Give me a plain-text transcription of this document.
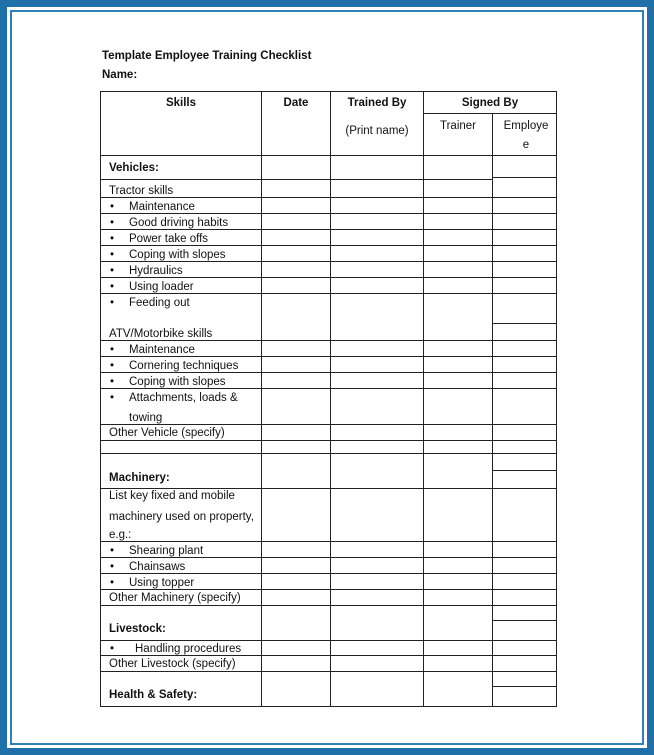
Template Employee Training Checklist
Name:
Skills	Date	Trained By
(Print name)
Signed By
Trainer Employe
e
Vehicles:
Tractor skills
• Maintenance
• Good driving habits
• Power take offs
• Coping with slopes
• Hydraulics
• Using loader
• Feeding out
ATV/Motorbike skills
• Maintenance
• Cornering techniques
• Coping with slopes
• Attachments, loads &
towing
Other Vehicle (specify)
Machinery:
List key fixed and mobile
machinery used on property,
e.g.:
• Shearing plant
• Chainsaws
• Using topper
Other Machinery (specify)
Livestock:
• Handling procedures
Other Livestock (specify)
Health & Safety:
